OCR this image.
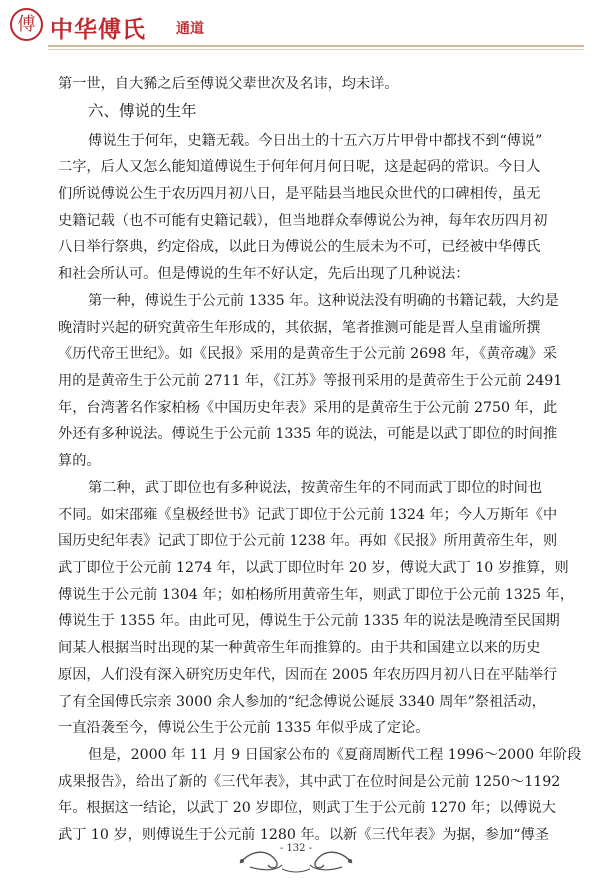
傅 中华傅氏 通道
第一世，自大豨之后至傅说父辈世次及名讳，均未详。
六、傅说的生年
傅说生于何年，史籍无载。今日出土的十五六万片甲骨中都找不到“傅说”
二字，后人又怎么能知道傅说生于何年何月何日呢，这是起码的常识。今日人
们所说傅说公生于农历四月初八日，是平陆县当地民众世代的口碑相传，虽无
史籍记载（也不可能有史籍记载），但当地群众奉傅说公为神，每年农历四月初
八日举行祭典，约定俗成，以此日为傅说公的生辰未为不可，已经被中华傅氏
和社会所认可。但是傅说的生年不好认定，先后出现了几种说法：
第一种，傅说生于公元前 1335 年。这种说法没有明确的书籍记载，大约是
晚清时兴起的研究黄帝生年形成的，其依据，笔者推测可能是晋人皇甫谧所撰
《历代帝王世纪》。如《民报》采用的是黄帝生于公元前 2698 年，《黄帝魂》采
用的是黄帝生于公元前 2711 年，《江苏》等报刊采用的是黄帝生于公元前 2491
年，台湾著名作家柏杨《中国历史年表》采用的是黄帝生于公元前 2750 年，此
外还有多种说法。傅说生于公元前 1335 年的说法，可能是以武丁即位的时间推
算的。
第二种，武丁即位也有多种说法，按黄帝生年的不同而武丁即位的时间也
不同。如宋邵雍《皇极经世书》记武丁即位于公元前 1324 年；今人万斯年《中
国历史纪年表》记武丁即位于公元前 1238 年。再如《民报》所用黄帝生年，则
武丁即位于公元前 1274 年，以武丁即位时年 20 岁，傅说大武丁 10 岁推算，则
傅说生于公元前 1304 年；如柏杨所用黄帝生年，则武丁即位于公元前 1325 年，
傅说生于 1355 年。由此可见，傅说生于公元前 1335 年的说法是晚清至民国期
间某人根据当时出现的某一种黄帝生年而推算的。由于共和国建立以来的历史
原因，人们没有深入研究历史年代，因而在 2005 年农历四月初八日在平陆举行
了有全国傅氏宗亲 3000 余人参加的“纪念傅说公诞辰 3340 周年”祭祖活动，
一直沿袭至今，傅说公生于公元前 1335 年似乎成了定论。
但是，2000 年 11 月 9 日国家公布的《夏商周断代工程 1996～2000 年阶段
成果报告》，给出了新的《三代年表》，其中武丁在位时间是公元前 1250～1192
年。根据这一结论，以武丁 20 岁即位，则武丁生于公元前 1270 年；以傅说大
武丁 10 岁，则傅说生于公元前 1280 年。以新《三代年表》为据，参加“傅圣
- 132 -
